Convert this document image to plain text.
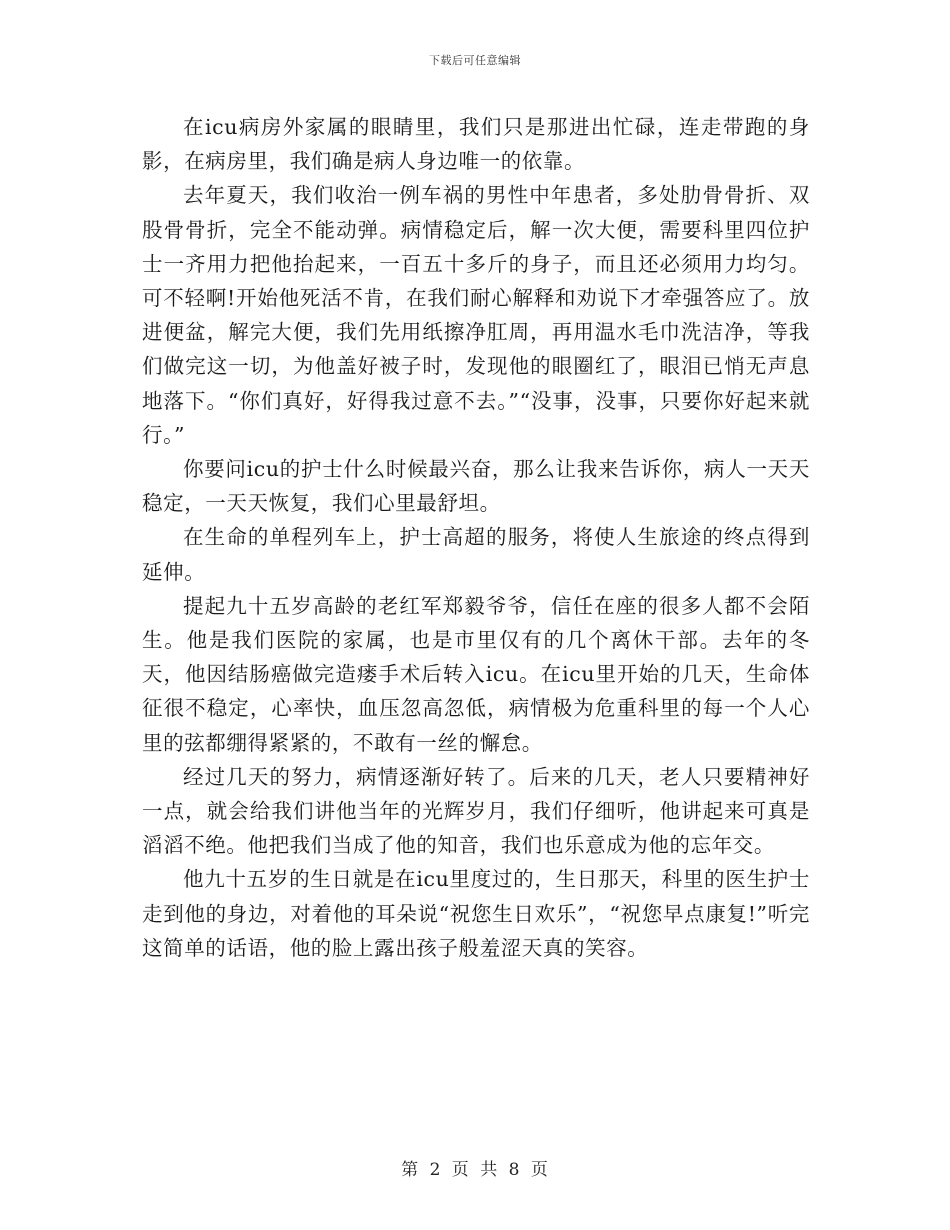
下载后可任意编辑

在icu病房外家属的眼睛里，我们只是那进出忙碌，连走带跑的身影，在病房里，我们确是病人身边唯一的依靠。

去年夏天，我们收治一例车祸的男性中年患者，多处肋骨骨折、双股骨骨折，完全不能动弹。病情稳定后，解一次大便，需要科里四位护士一齐用力把他抬起来，一百五十多斤的身子，而且还必须用力均匀。可不轻啊!开始他死活不肯，在我们耐心解释和劝说下才牵强答应了。放进便盆，解完大便，我们先用纸擦净肛周，再用温水毛巾洗洁净，等我们做完这一切，为他盖好被子时，发现他的眼圈红了，眼泪已悄无声息地落下。“你们真好，好得我过意不去。”“没事，没事，只要你好起来就行。”

你要问icu的护士什么时候最兴奋，那么让我来告诉你，病人一天天稳定，一天天恢复，我们心里最舒坦。

在生命的单程列车上，护士高超的服务，将使人生旅途的终点得到延伸。

提起九十五岁高龄的老红军郑毅爷爷，信任在座的很多人都不会陌生。他是我们医院的家属，也是市里仅有的几个离休干部。去年的冬天，他因结肠癌做完造瘘手术后转入icu。在icu里开始的几天，生命体征很不稳定，心率快，血压忽高忽低，病情极为危重科里的每一个人心里的弦都绷得紧紧的，不敢有一丝的懈怠。

经过几天的努力，病情逐渐好转了。后来的几天，老人只要精神好一点，就会给我们讲他当年的光辉岁月，我们仔细听，他讲起来可真是滔滔不绝。他把我们当成了他的知音，我们也乐意成为他的忘年交。

他九十五岁的生日就是在icu里度过的，生日那天，科里的医生护士走到他的身边，对着他的耳朵说“祝您生日欢乐”，“祝您早点康复!”听完这简单的话语，他的脸上露出孩子般羞涩天真的笑容。

第 2 页 共 8 页
